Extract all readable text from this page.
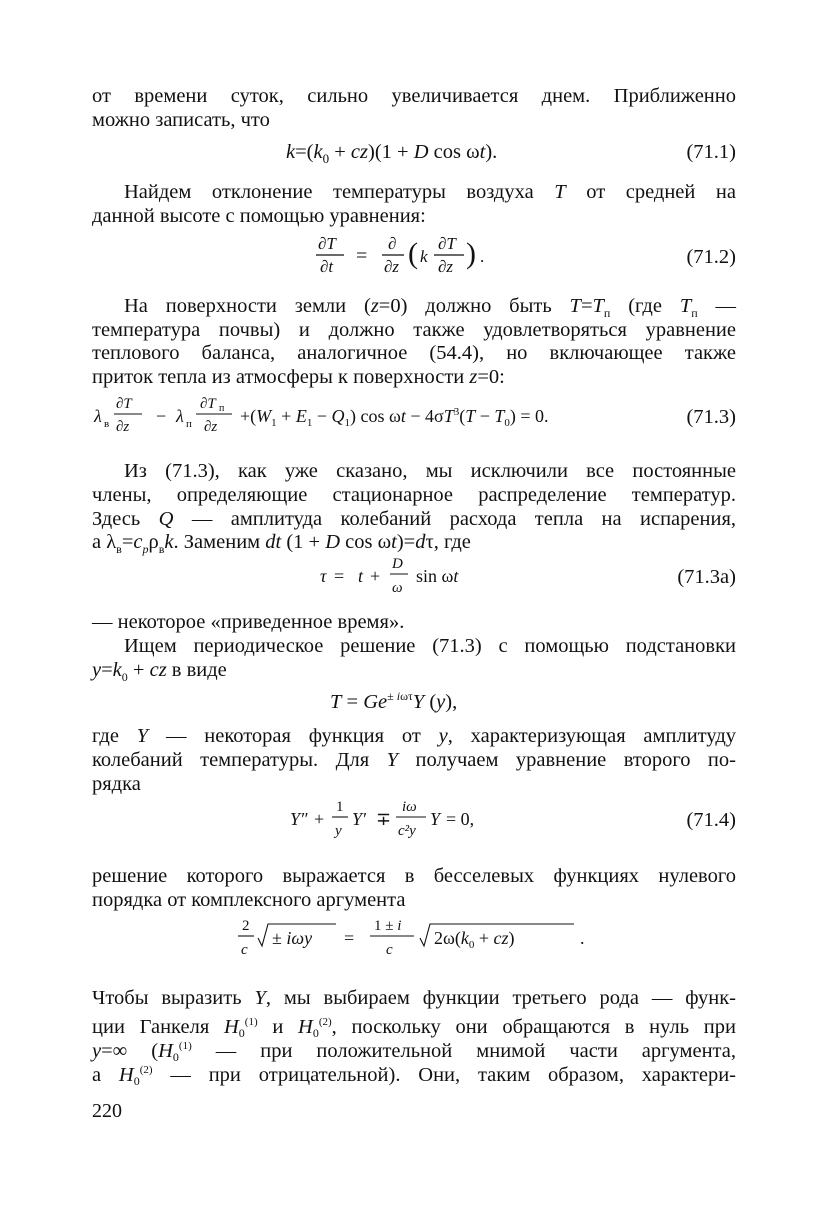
от времени суток, сильно увеличивается днем. Приближенно
можно записать, что
$k=(k_0 + cz)(1 + D$ cos ωt).	(71.1)
Найдем отклонение температуры воздуха T от средней на
данной высоте с помощью уравнения:
∂T
∂t =
∂
∂z ( k
∂T
∂z ) .	(71.2)
На поверхности земли (z=0) должно быть $T=T_п$ (где $T_п$ —
температура почвы) и должно также удовлетворяться уравнение
теплового баланса, аналогичное (54.4), но включающее также
приток тепла из атмосферы к поверхности z=0:
λ в
∂T
∂z
− λ п
∂T п
∂z
$+(W_1 + E_1 - Q_1)$ $\cos \omega t - 4\sigma T^3(T - T_0) = 0$.	(71.3)
Из (71.3), как уже сказано, мы исключили все постоянные
члены, определяющие стационарное распределение температур.
Здесь Q — амплитуда колебаний расхода тепла на испарения,
а $\lambda_в=c_p\rho_вk$. Заменим dt (1 + D cos ωt)=dτ, где
τ = t +
D
ω
sin ωt	(71.3а)
— некоторое «приведенное время».
Ищем периодическое решение (71.3) с помощью подстановки
$y=k_0$ + cz в виде
$T = Ge^{\pm i\omega\tau}Y$ (y),
где Y — некоторая функция от y, характеризующая амплитуду
колебаний температуры. Для Y получаем уравнение второго по-
рядка
Y″ +
1
y
Y′ ∓
iω
c²y
Y = 0,	(71.4)
решение которого выражается в бесселевых функциях нулевого
порядка от комплексного аргумента
2
c
± iωy =
1 ± i
c
$2\omega(k_0 + cz)$	.
Чтобы выразить Y, мы выбираем функции третьего рода — функ-
ции Ганкеля H0$^{(1)}$ и H0$^{(2)}$, поскольку они обращаются в нуль при
y=∞ (H0$^{(1)}$ — при положительной мнимой части аргумента,
а H0$^{(2)}$ — при отрицательной). Они, таким образом, характери-
220
